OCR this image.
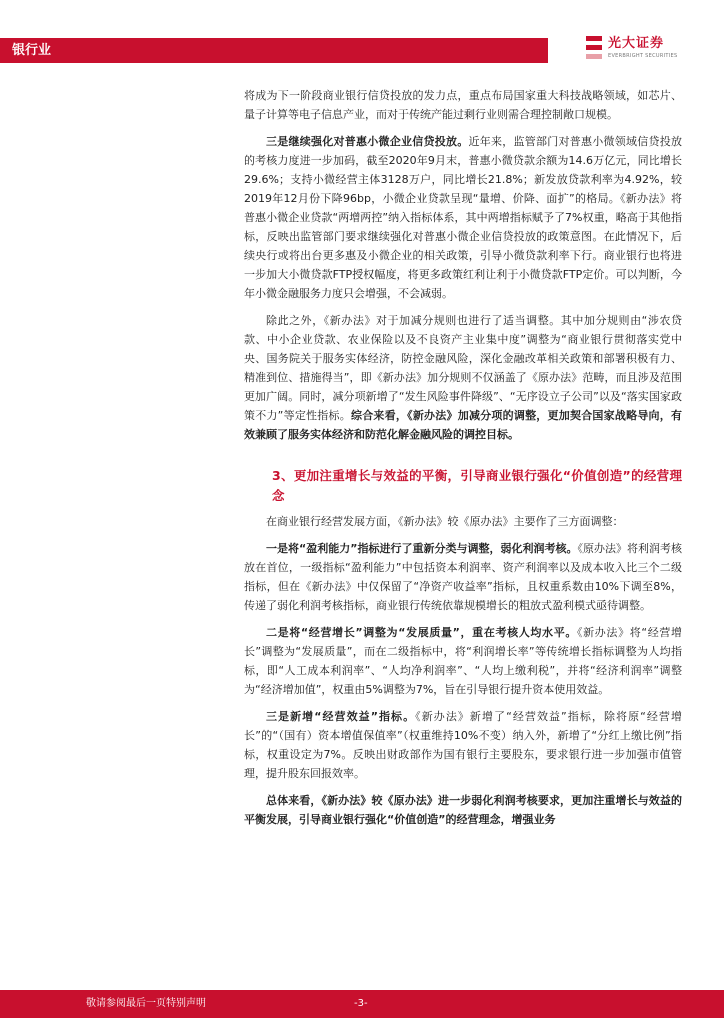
银行业	光大证券
EVERBRIGHT SECURITIES

将成为下一阶段商业银行信贷投放的发力点，重点布局国家重大科技战略领域，如芯片、量子计算等电子信息产业，而对于传统产能过剩行业则需合理控制敞口规模。

三是继续强化对普惠小微企业信贷投放。近年来，监管部门对普惠小微领域信贷投放的考核力度进一步加码，截至2020年9月末，普惠小微贷款余额为14.6万亿元，同比增长29.6%；支持小微经营主体3128万户，同比增长21.8%；新发放贷款利率为4.92%，较2019年12月份下降96bp，小微企业贷款呈现“量增、价降、面扩”的格局。《新办法》将普惠小微企业贷款“两增两控”纳入指标体系，其中两增指标赋予了7%权重，略高于其他指标，反映出监管部门要求继续强化对普惠小微企业信贷投放的政策意图。在此情况下，后续央行或将出台更多惠及小微企业的相关政策，引导小微贷款利率下行。商业银行也将进一步加大小微贷款FTP授权幅度，将更多政策红利让利于小微贷款FTP定价。可以判断，今年小微金融服务力度只会增强，不会减弱。

除此之外，《新办法》对于加减分规则也进行了适当调整。其中加分规则由“涉农贷款、中小企业贷款、农业保险以及不良资产主业集中度”调整为“商业银行贯彻落实党中央、国务院关于服务实体经济，防控金融风险，深化金融改革相关政策和部署积极有力、精准到位、措施得当”，即《新办法》加分规则不仅涵盖了《原办法》范畴，而且涉及范围更加广阔。同时，减分项新增了“发生风险事件降级”、“无序设立子公司”以及“落实国家政策不力”等定性指标。综合来看，《新办法》加减分项的调整，更加契合国家战略导向，有效兼顾了服务实体经济和防范化解金融风险的调控目标。

3、更加注重增长与效益的平衡，引导商业银行强化“价值创造”的经营理念

在商业银行经营发展方面，《新办法》较《原办法》主要作了三方面调整：

一是将“盈利能力”指标进行了重新分类与调整，弱化利润考核。《原办法》将利润考核放在首位，一级指标“盈利能力”中包括资本利润率、资产利润率以及成本收入比三个二级指标，但在《新办法》中仅保留了“净资产收益率”指标，且权重系数由10%下调至8%，传递了弱化利润考核指标，商业银行传统依靠规模增长的粗放式盈利模式亟待调整。

二是将“经营增长”调整为“发展质量”，重在考核人均水平。《新办法》将“经营增长”调整为“发展质量”，而在二级指标中，将“利润增长率”等传统增长指标调整为人均指标，即“人工成本利润率”、“人均净利润率”、“人均上缴利税”，并将“经济利润率”调整为“经济增加值”，权重由5%调整为7%，旨在引导银行提升资本使用效益。

三是新增“经营效益”指标。《新办法》新增了“经营效益”指标，除将原“经营增长”的“（国有）资本增值保值率”（权重维持10%不变）纳入外，新增了“分红上缴比例”指标，权重设定为7%。反映出财政部作为国有银行主要股东，要求银行进一步加强市值管理，提升股东回报效率。

总体来看，《新办法》较《原办法》进一步弱化利润考核要求，更加注重增长与效益的平衡发展，引导商业银行强化“价值创造”的经营理念，增强业务

敬请参阅最后一页特别声明	-3-
